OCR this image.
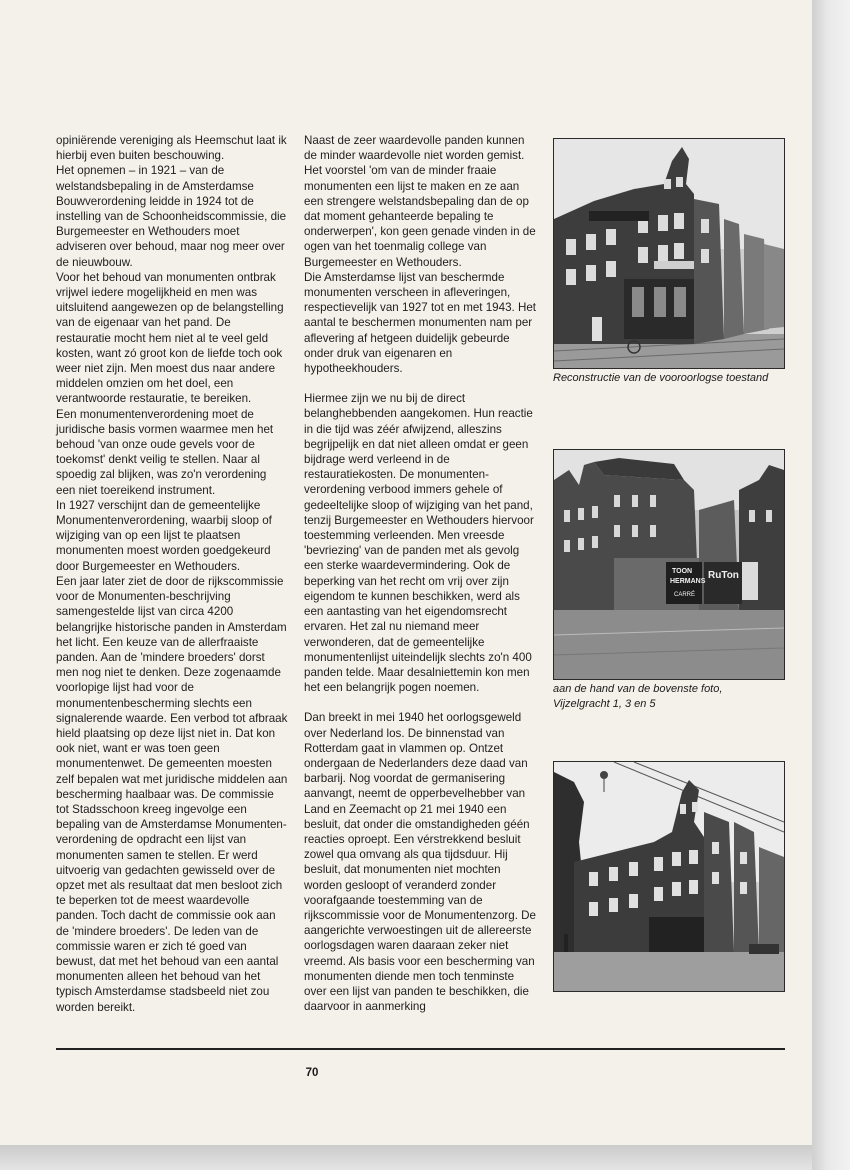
opiniërende vereniging als Heemschut laat ik hierbij even buiten beschouwing.

Het opnemen – in 1921 – van de welstandsbepaling in de Amsterdamse Bouwverordening leidde in 1924 tot de instelling van de Schoonheidscommissie, die Burgemeester en Wethouders moet adviseren over behoud, maar nog meer over de nieuwbouw.

Voor het behoud van monumenten ontbrak vrijwel iedere mogelijkheid en men was uitsluitend aangewezen op de belangstelling van de eigenaar van het pand. De restauratie mocht hem niet al te veel geld kosten, want zó groot kon de liefde toch ook weer niet zijn. Men moest dus naar andere middelen omzien om het doel, een verantwoorde restauratie, te bereiken.

Een monumentenverordening moet de juridische basis vormen waarmee men het behoud 'van onze oude gevels voor de toekomst' denkt veilig te stellen. Naar al spoedig zal blijken, was zo'n verordening een niet toereikend instrument.

In 1927 verschijnt dan de gemeentelijke Monumentenverordening, waarbij sloop of wijziging van op een lijst te plaatsen monumenten moest worden goedgekeurd door Burgemeester en Wethouders.

Een jaar later ziet de door de rijkscommissie voor de Monumenten-beschrijving samengestelde lijst van circa 4200 belangrijke historische panden in Amsterdam het licht. Een keuze van de allerfraaiste panden. Aan de 'mindere broeders' dorst men nog niet te denken. Deze zogenaamde voorlopige lijst had voor de monumentenbescherming slechts een signalerende waarde. Een verbod tot afbraak hield plaatsing op deze lijst niet in. Dat kon ook niet, want er was toen geen monumentenwet. De gemeenten moesten zelf bepalen wat met juridische middelen aan bescherming haalbaar was. De commissie tot Stadsschoon kreeg ingevolge een bepaling van de Amsterdamse Monumenten-verordening de opdracht een lijst van monumenten samen te stellen. Er werd uitvoerig van gedachten gewisseld over de opzet met als resultaat dat men besloot zich te beperken tot de meest waardevolle panden. Toch dacht de commissie ook aan de 'mindere broeders'. De leden van de commissie waren er zich té goed van bewust, dat met het behoud van een aantal monumenten alleen het behoud van het typisch Amsterdamse stadsbeeld niet zou worden bereikt.

Naast de zeer waardevolle panden kunnen de minder waardevolle niet worden gemist. Het voorstel 'om van de minder fraaie monumenten een lijst te maken en ze aan een strengere welstandsbepaling dan de op dat moment gehanteerde bepaling te onderwerpen', kon geen genade vinden in de ogen van het toenmalig college van Burgemeester en Wethouders.

Die Amsterdamse lijst van beschermde monumenten verscheen in afleveringen, respectievelijk van 1927 tot en met 1943. Het aantal te beschermen monumenten nam per aflevering af hetgeen duidelijk gebeurde onder druk van eigenaren en hypotheekhouders.

Hiermee zijn we nu bij de direct belanghebbenden aangekomen. Hun reactie in die tijd was zéér afwijzend, alleszins begrijpelijk en dat niet alleen omdat er geen bijdrage werd verleend in de restauratiekosten. De monumenten-verordening verbood immers gehele of gedeeltelijke sloop of wijziging van het pand, tenzij Burgemeester en Wethouders hiervoor toestemming verleenden. Men vreesde 'bevriezing' van de panden met als gevolg een sterke waardevermindering. Ook de beperking van het recht om vrij over zijn eigendom te kunnen beschikken, werd als een aantasting van het eigendomsrecht ervaren. Het zal nu niemand meer verwonderen, dat de gemeentelijke monumentenlijst uiteindelijk slechts zo'n 400 panden telde. Maar desalniettemin kon men het een belangrijk pogen noemen.

Dan breekt in mei 1940 het oorlogsgeweld over Nederland los. De binnenstad van Rotterdam gaat in vlammen op. Ontzet ondergaan de Nederlanders deze daad van barbarij. Nog voordat de germanisering aanvangt, neemt de opperbevelhebber van Land en Zeemacht op 21 mei 1940 een besluit, dat onder die omstandigheden géén reacties oproept. Een vérstrekkend besluit zowel qua omvang als qua tijdsduur. Hij besluit, dat monumenten niet mochten worden gesloopt of veranderd zonder voorafgaande toestemming van de rijkscommissie voor de Monumentenzorg. De aangerichte verwoestingen uit de allereerste oorlogsdagen waren daaraan zeker niet vreemd. Als basis voor een bescherming van monumenten diende men toch tenminste over een lijst van panden te beschikken, die daarvoor in aanmerking

Reconstructie van de vooroorlogse toestand
TOON
HERMANS
CARRÉ
RuTon
aan de hand van de bovenste foto,
Vijzelgracht 1, 3 en 5
70
